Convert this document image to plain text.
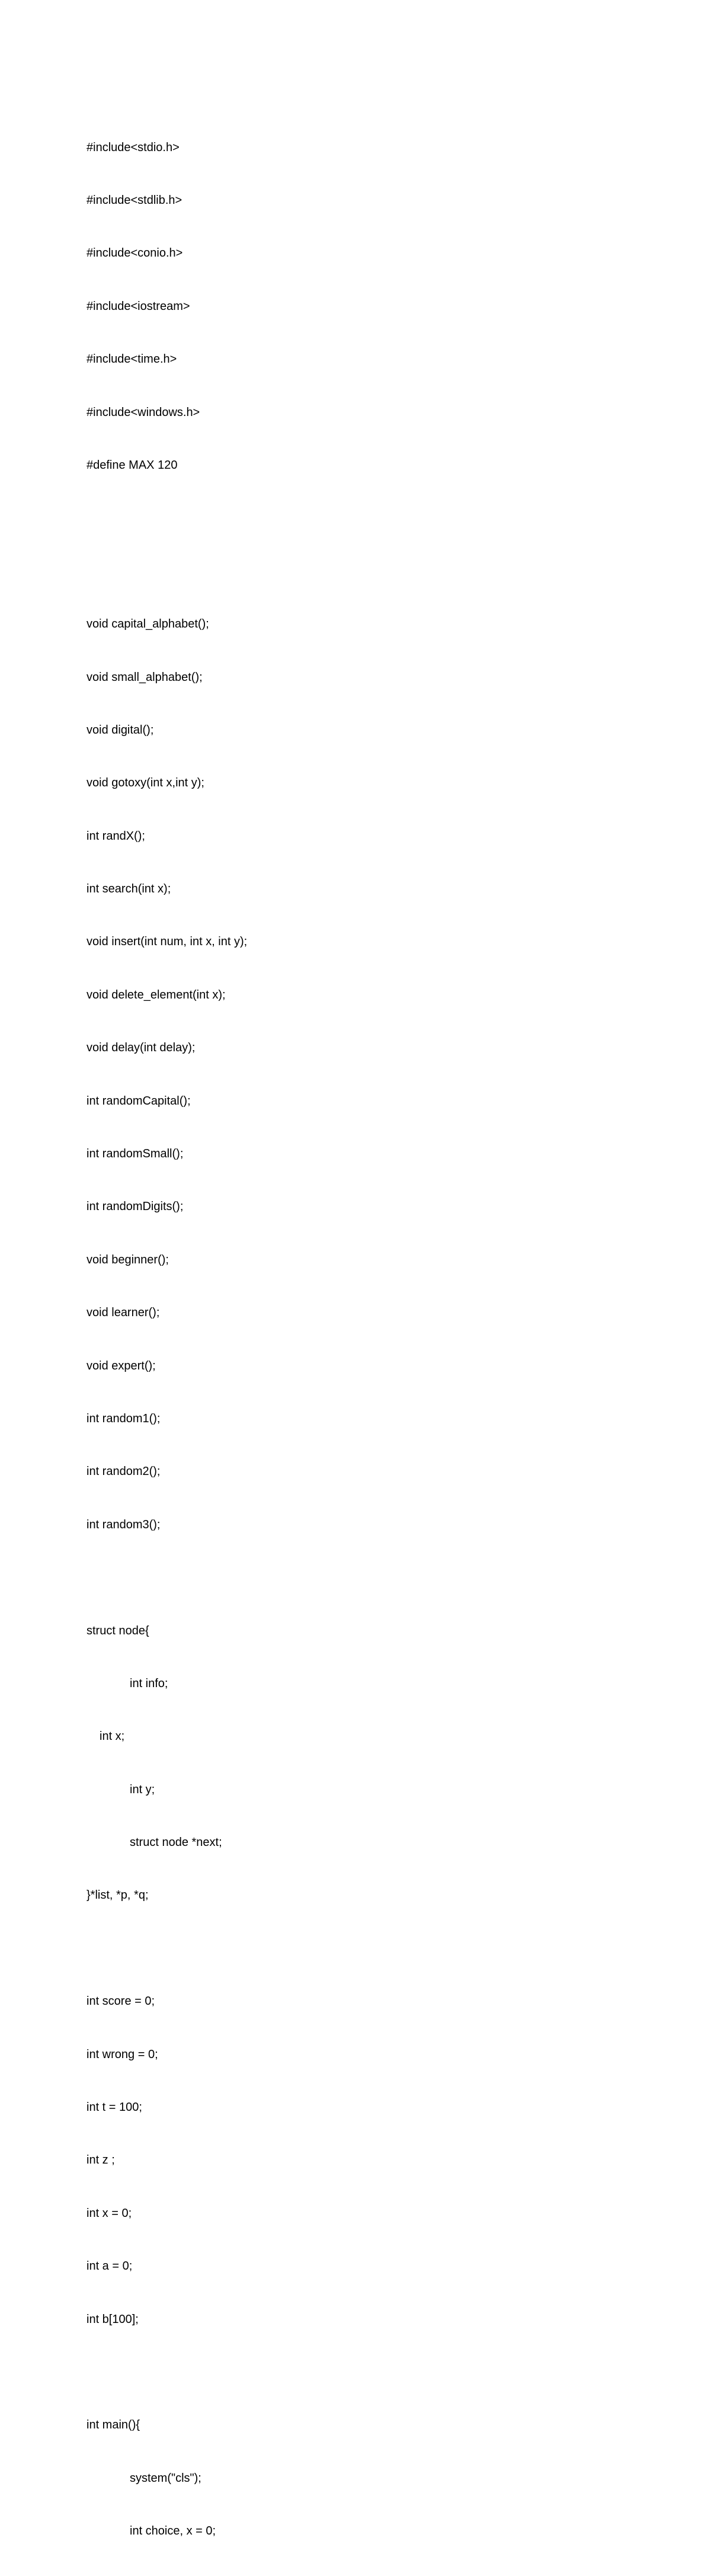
#include<stdio.h>

#include<stdlib.h>

#include<conio.h>

#include<iostream>

#include<time.h>

#include<windows.h>

#define MAX 120

void capital_alphabet();

void small_alphabet();

void digital();

void gotoxy(int x,int y);

int randX();

int search(int x);

void insert(int num, int x, int y);

void delete_element(int x);

void delay(int delay);

int randomCapital();

int randomSmall();

int randomDigits();

void beginner();

void learner();

void expert();

int random1();

int random2();

int random3();

struct node{

int info;

int x;

int y;

struct node *next;

}*list, *p, *q;

int score = 0;

int wrong = 0;

int t = 100;

int z ;

int x = 0;

int a = 0;

int b[100];

int main(){

system("cls");

int choice, x = 0;
